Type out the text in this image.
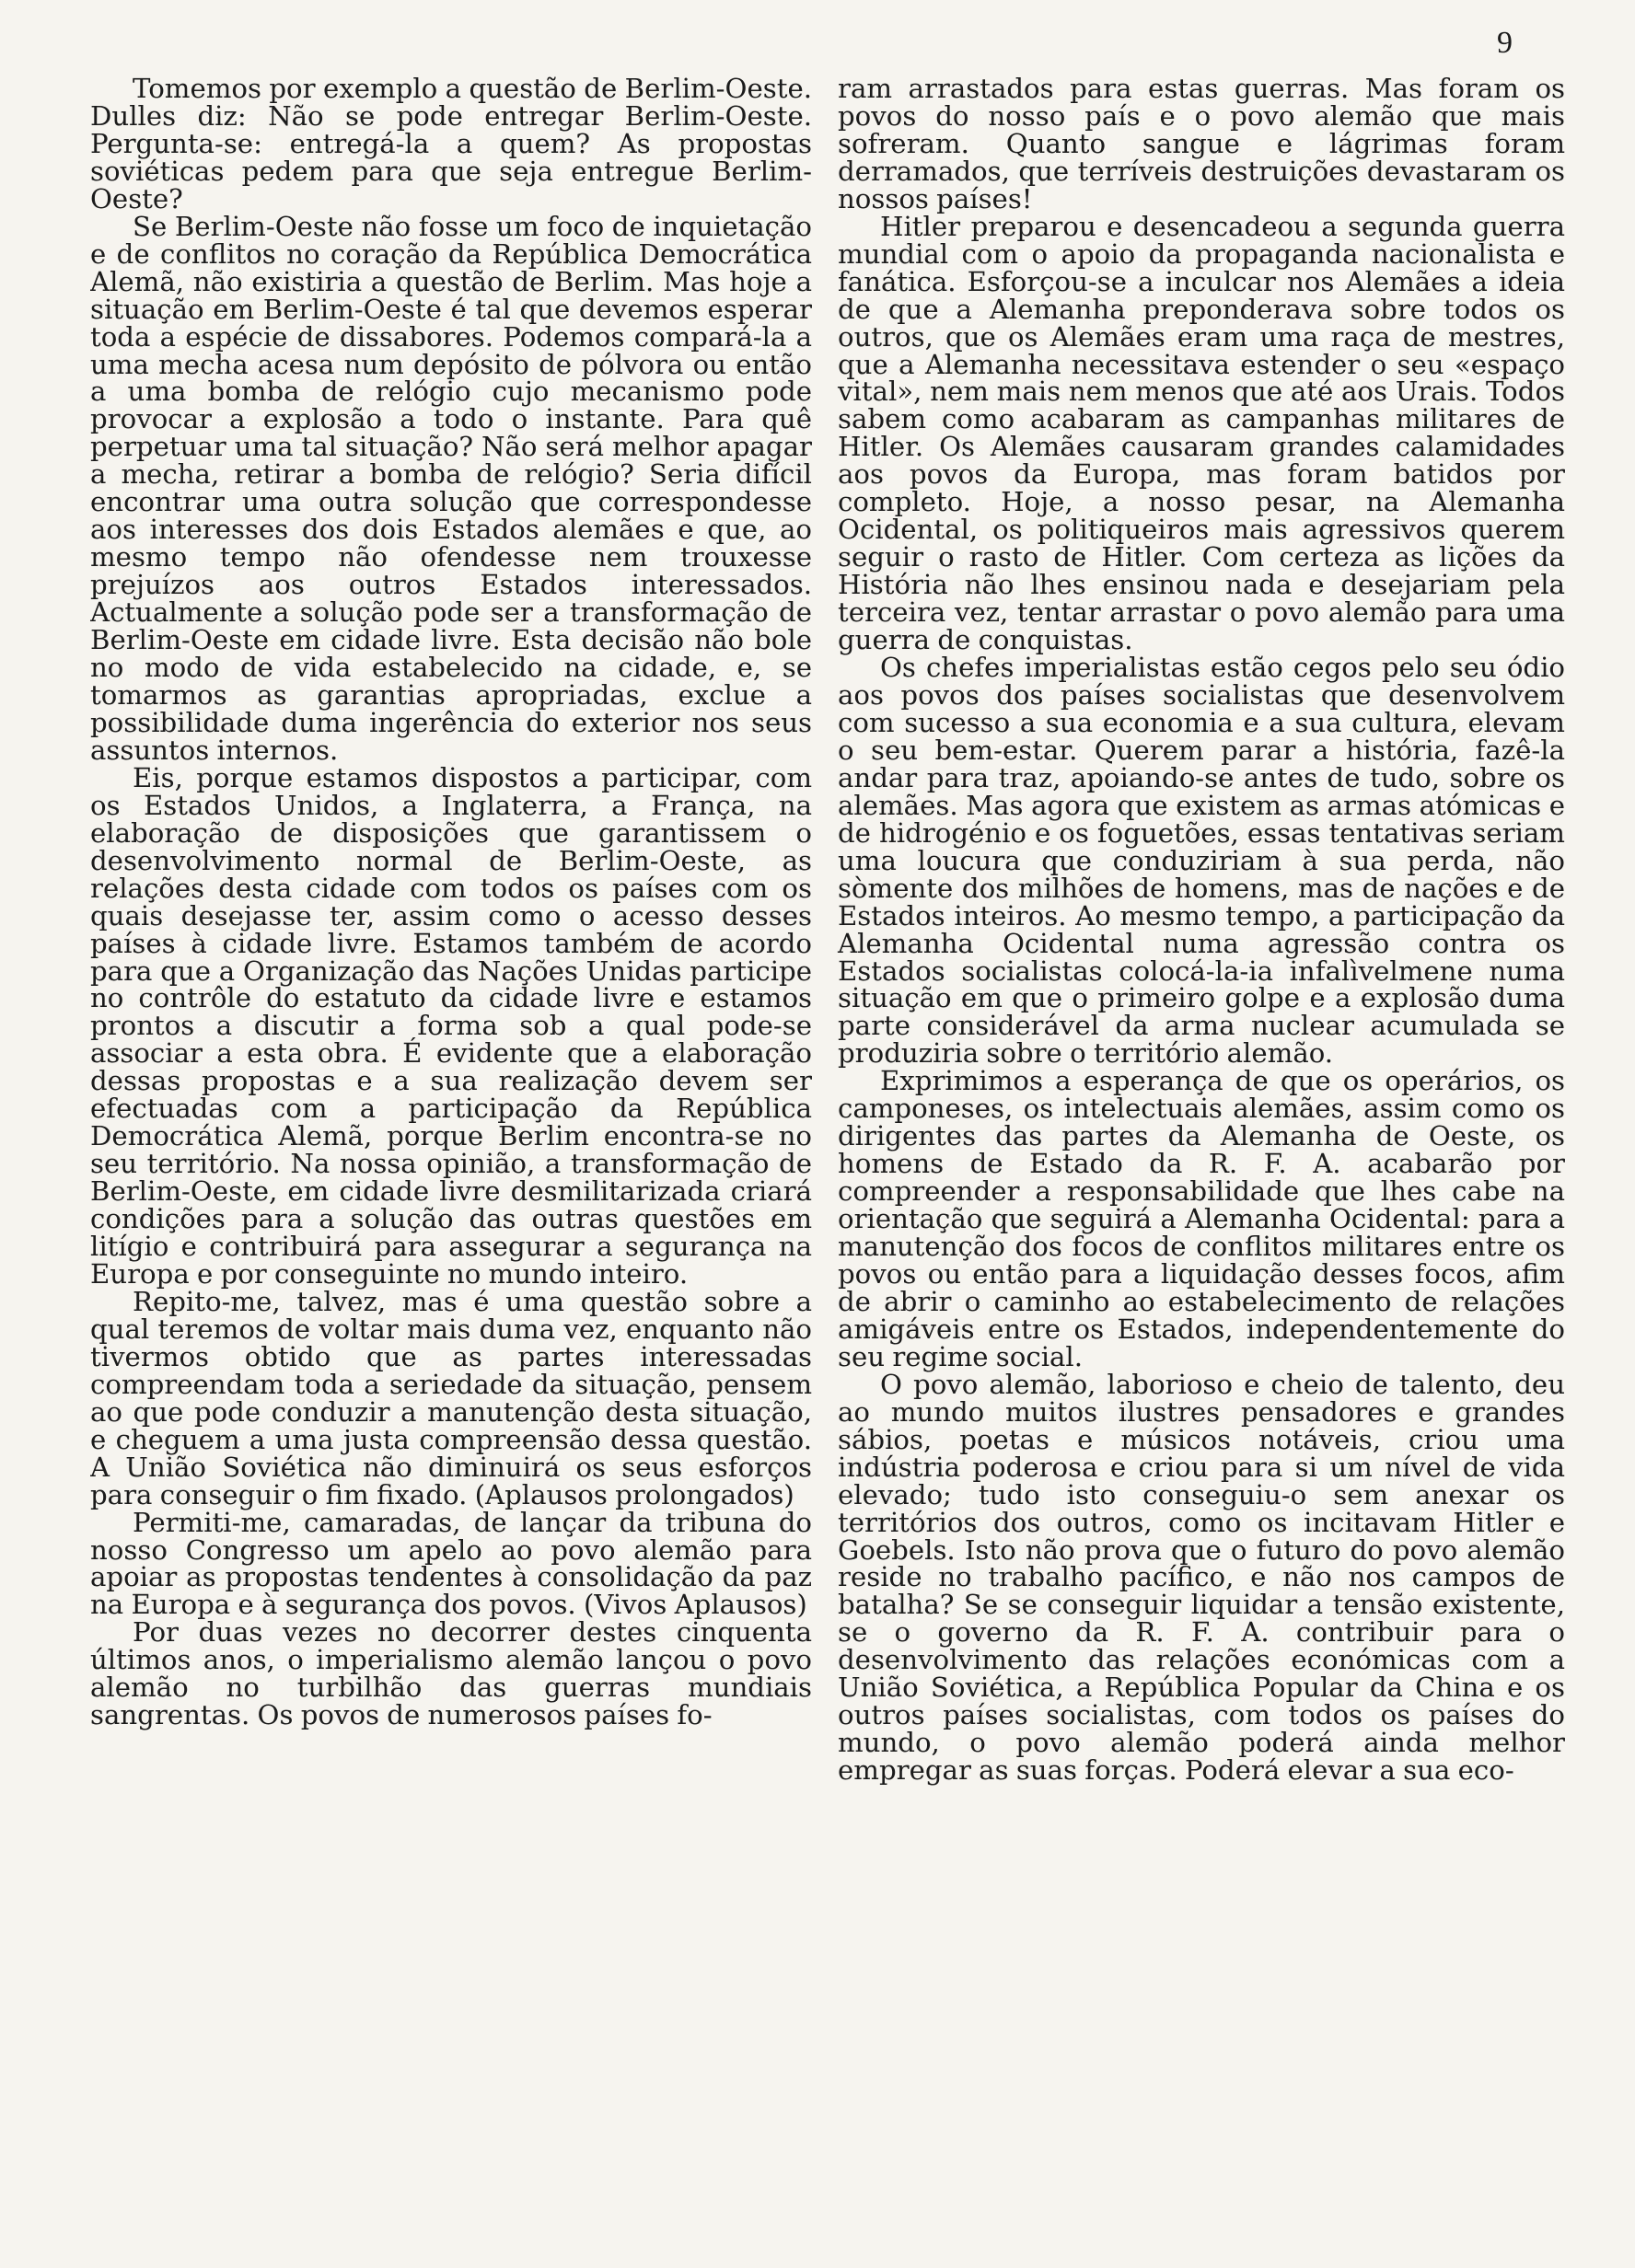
9

Tomemos por exemplo a questão de Berlim-Oeste. Dulles diz: Não se pode entregar Berlim-Oeste. Pergunta-se: entregá-la a quem? As propostas soviéticas pedem para que seja entregue Berlim-Oeste?

Se Berlim-Oeste não fosse um foco de inquietação e de conflitos no coração da República Democrática Alemã, não existiria a questão de Berlim. Mas hoje a situação em Berlim-Oeste é tal que devemos esperar toda a espécie de dissabores. Podemos compará-la a uma mecha acesa num depósito de pólvora ou então a uma bomba de relógio cujo mecanismo pode provocar a explosão a todo o instante. Para quê perpetuar uma tal situação? Não será melhor apagar a mecha, retirar a bomba de relógio? Seria difícil encontrar uma outra solução que correspondesse aos interesses dos dois Estados alemães e que, ao mesmo tempo não ofendesse nem trouxesse prejuízos aos outros Estados interessados. Actualmente a solução pode ser a transformação de Berlim-Oeste em cidade livre. Esta decisão não bole no modo de vida estabelecido na cidade, e, se tomarmos as garantias apropriadas, exclue a possibilidade duma ingerência do exterior nos seus assuntos internos.

Eis, porque estamos dispostos a participar, com os Estados Unidos, a Inglaterra, a França, na elaboração de disposições que garantissem o desenvolvimento normal de Berlim-Oeste, as relações desta cidade com todos os países com os quais desejasse ter, assim como o acesso desses países à cidade livre. Estamos também de acordo para que a Organização das Nações Unidas participe no contrôle do estatuto da cidade livre e estamos prontos a discutir a forma sob a qual pode-se associar a esta obra. É evidente que a elaboração dessas propostas e a sua realização devem ser efectuadas com a participação da República Democrática Alemã, porque Berlim encontra-se no seu território. Na nossa opinião, a transformação de Berlim-Oeste, em cidade livre desmilitarizada criará condições para a solução das outras questões em litígio e contribuirá para assegurar a segurança na Europa e por conseguinte no mundo inteiro.

Repito-me, talvez, mas é uma questão sobre a qual teremos de voltar mais duma vez, enquanto não tivermos obtido que as partes interessadas compreendam toda a seriedade da situação, pensem ao que pode conduzir a manutenção desta situação, e cheguem a uma justa compreensão dessa questão. A União Soviética não diminuirá os seus esforços para conseguir o fim fixado. (Aplausos prolongados)

Permiti-me, camaradas, de lançar da tribuna do nosso Congresso um apelo ao povo alemão para apoiar as propostas tendentes à consolidação da paz na Europa e à segurança dos povos. (Vivos Aplausos)

Por duas vezes no decorrer destes cinquenta últimos anos, o imperialismo alemão lançou o povo alemão no turbilhão das guerras mundiais sangrentas. Os povos de numerosos países fo-

ram arrastados para estas guerras. Mas foram os povos do nosso país e o povo alemão que mais sofreram. Quanto sangue e lágrimas foram derramados, que terríveis destruições devastaram os nossos países!

Hitler preparou e desencadeou a segunda guerra mundial com o apoio da propaganda nacionalista e fanática. Esforçou-se a inculcar nos Alemães a ideia de que a Alemanha preponderava sobre todos os outros, que os Alemães eram uma raça de mestres, que a Alemanha necessitava estender o seu «espaço vital», nem mais nem menos que até aos Urais. Todos sabem como acabaram as campanhas militares de Hitler. Os Alemães causaram grandes calamidades aos povos da Europa, mas foram batidos por completo. Hoje, a nosso pesar, na Alemanha Ocidental, os politiqueiros mais agressivos querem seguir o rasto de Hitler. Com certeza as lições da História não lhes ensinou nada e desejariam pela terceira vez, tentar arrastar o povo alemão para uma guerra de conquistas.

Os chefes imperialistas estão cegos pelo seu ódio aos povos dos países socialistas que desenvolvem com sucesso a sua economia e a sua cultura, elevam o seu bem-estar. Querem parar a história, fazê-la andar para traz, apoiando-se antes de tudo, sobre os alemães. Mas agora que existem as armas atómicas e de hidrogénio e os foguetões, essas tentativas seriam uma loucura que conduziriam à sua perda, não sòmente dos milhões de homens, mas de nações e de Estados inteiros. Ao mesmo tempo, a participação da Alemanha Ocidental numa agressão contra os Estados socialistas colocá-la-ia infalìvelmene numa situação em que o primeiro golpe e a explosão duma parte considerável da arma nuclear acumulada se produziria sobre o território alemão.

Exprimimos a esperança de que os operários, os camponeses, os intelectuais alemães, assim como os dirigentes das partes da Alemanha de Oeste, os homens de Estado da R. F. A. acabarão por compreender a responsabilidade que lhes cabe na orientação que seguirá a Alemanha Ocidental: para a manutenção dos focos de conflitos militares entre os povos ou então para a liquidação desses focos, afim de abrir o caminho ao estabelecimento de relações amigáveis entre os Estados, independentemente do seu regime social.

O povo alemão, laborioso e cheio de talento, deu ao mundo muitos ilustres pensadores e grandes sábios, poetas e músicos notáveis, criou uma indústria poderosa e criou para si um nível de vida elevado; tudo isto conseguiu-o sem anexar os territórios dos outros, como os incitavam Hitler e Goebels. Isto não prova que o futuro do povo alemão reside no trabalho pacífico, e não nos campos de batalha? Se se conseguir liquidar a tensão existente, se o governo da R. F. A. contribuir para o desenvolvimento das relações económicas com a União Soviética, a República Popular da China e os outros países socialistas, com todos os países do mundo, o povo alemão poderá ainda melhor empregar as suas forças. Poderá elevar a sua eco-
